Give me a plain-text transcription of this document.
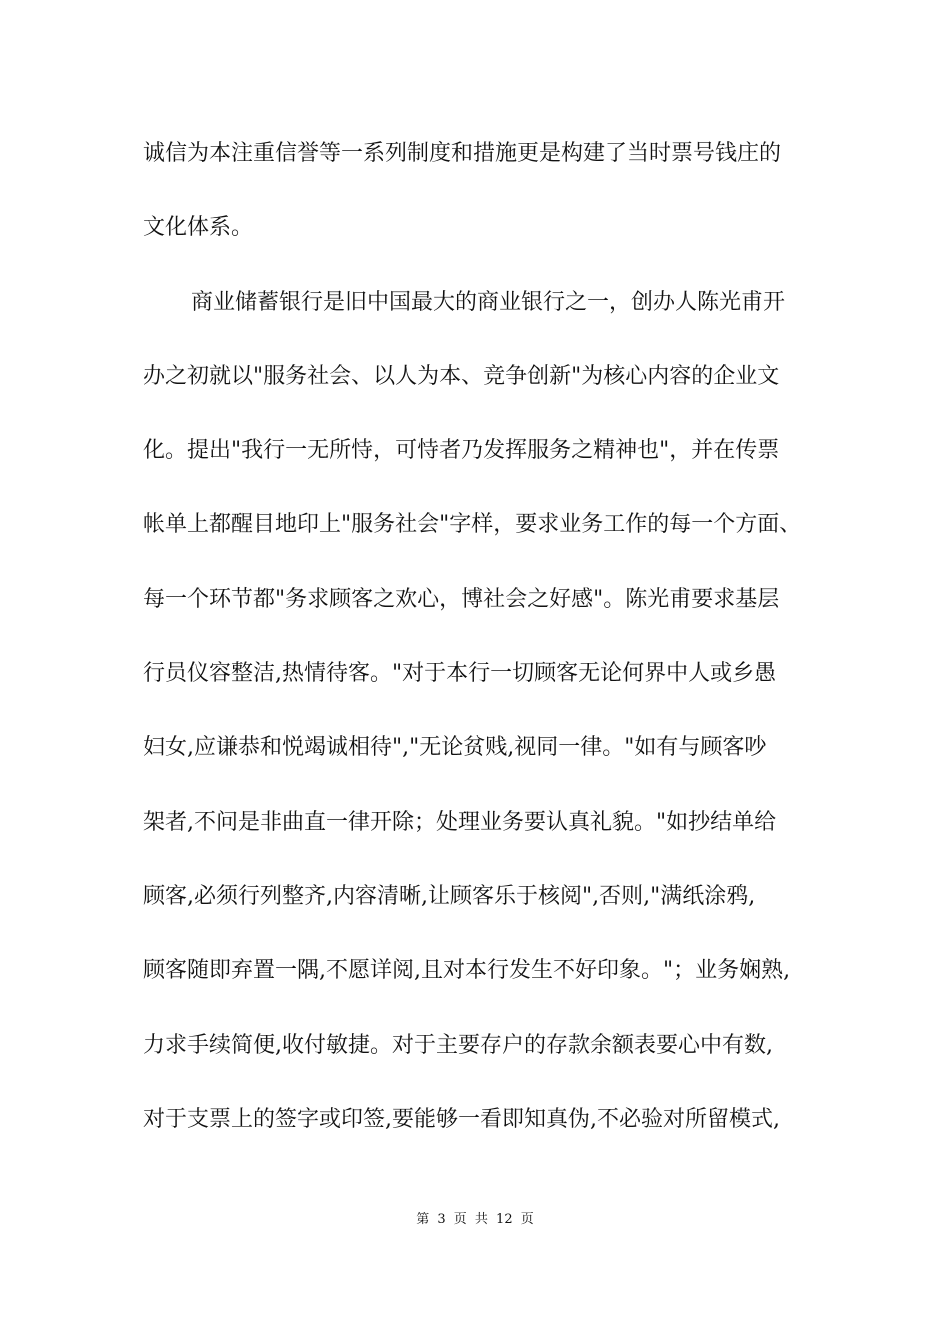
诚信为本注重信誉等一系列制度和措施更是构建了当时票号钱庄的
文化体系。
商业储蓄银行是旧中国最大的商业银行之一，创办人陈光甫开
办之初就以"服务社会、以人为本、竞争创新"为核心内容的企业文
化。提出"我行一无所恃，可恃者乃发挥服务之精神也"，并在传票
帐单上都醒目地印上"服务社会"字样，要求业务工作的每一个方面、
每一个环节都"务求顾客之欢心，博社会之好感"。陈光甫要求基层
行员仪容整洁,热情待客。"对于本行一切顾客无论何界中人或乡愚
妇女,应谦恭和悦竭诚相待","无论贫贱,视同一律。"如有与顾客吵
架者,不问是非曲直一律开除；处理业务要认真礼貌。"如抄结单给
顾客,必须行列整齐,内容清晰,让顾客乐于核阅",否则,"满纸涂鸦,
顾客随即弃置一隅,不愿详阅,且对本行发生不好印象。"；业务娴熟,
力求手续简便,收付敏捷。对于主要存户的存款余额表要心中有数,
对于支票上的签字或印签,要能够一看即知真伪,不必验对所留模式,
第 3 页 共 12 页
